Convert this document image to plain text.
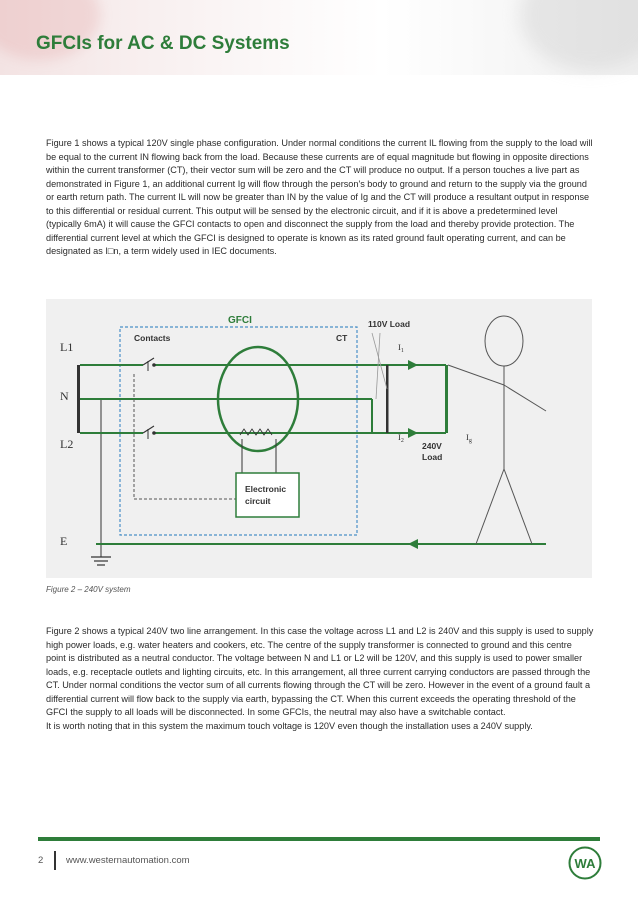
GFCIs for AC & DC Systems

Figure 1 shows a typical 120V single phase configuration. Under normal conditions the current IL flowing from the supply to the load will be equal to the current IN flowing back from the load. Because these currents are of equal magnitude but flowing in opposite directions within the current transformer (CT), their vector sum will be zero and the CT will produce no output. If a person touches a live part as demonstrated in Figure 1, an additional current Ig will flow through the person's body to ground and return to the supply via the ground or earth return path. The current IL will now be greater than IN by the value of Ig and the CT will produce a resultant output in response to this differential or residual current. This output will be sensed by the electronic circuit, and if it is above a predetermined level (typically 6mA) it will cause the GFCI contacts to open and disconnect the supply from the load and thereby provide protection. The differential current level at which the GFCI is designed to operate is known as its rated ground fault operating current, and can be designated as I□n, a term widely used in IEC documents.

GFCI
Contacts	CT
L1
N
L2
E
Electronic
circuit
110V Load
240V
Load
$I_1$
$I_2$	$I_g$

Figure 2 – 240V system

Figure 2 shows a typical 240V two line arrangement. In this case the voltage across L1 and L2 is 240V and this supply is used to supply high power loads, e.g. water heaters and cookers, etc. The centre of the supply transformer is connected to ground and this centre point is distributed as a neutral conductor. The voltage between N and L1 or L2 will be 120V, and this supply is used to power smaller loads, e.g. receptacle outlets and lighting circuits, etc. In this arrangement, all three current carrying conductors are passed through the CT. Under normal conditions the vector sum of all currents flowing through the CT will be zero. However in the event of a ground fault a differential current will flow back to the supply via earth, bypassing the CT. When this current exceeds the operating threshold of the GFCI the supply to all loads will be disconnected. In some GFCIs, the neutral may also have a switchable contact.

It is worth noting that in this system the maximum touch voltage is 120V even though the installation uses a 240V supply.

2 www.westernautomation.com	WA
